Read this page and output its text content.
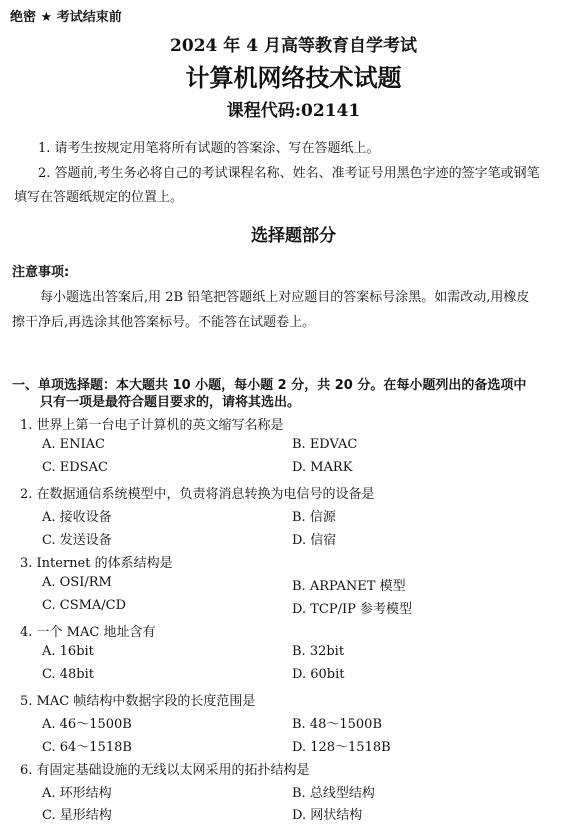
绝密 ★ 考试结束前
2024 年 4 月高等教育自学考试
计算机网络技术试题
课程代码:02141
1. 请考生按规定用笔将所有试题的答案涂、写在答题纸上。
2. 答题前,考生务必将自己的考试课程名称、姓名、准考证号用黑色字迹的签字笔或钢笔
填写在答题纸规定的位置上。
选择题部分
注意事项:
每小题选出答案后,用 2B 铅笔把答题纸上对应题目的答案标号涂黑。如需改动,用橡皮
擦干净后,再选涂其他答案标号。不能答在试题卷上。
一、单项选择题：本大题共 10 小题，每小题 2 分，共 20 分。在每小题列出的备选项中
只有一项是最符合题目要求的，请将其选出。
1. 世界上第一台电子计算机的英文缩写名称是
A. ENIAC	B. EDVAC
C. EDSAC	D. MARK
2. 在数据通信系统模型中，负责将消息转换为电信号的设备是
A. 接收设备	B. 信源
C. 发送设备	D. 信宿
3. Internet 的体系结构是
A. OSI/RM	B. ARPANET 模型
C. CSMA/CD	D. TCP/IP 参考模型
4. 一个 MAC 地址含有
A. 16bit	B. 32bit
C. 48bit	D. 60bit
5. MAC 帧结构中数据字段的长度范围是
A. 46～1500B	B. 48～1500B
C. 64～1518B	D. 128～1518B
6. 有固定基础设施的无线以太网采用的拓扑结构是
A. 环形结构	B. 总线型结构
C. 星形结构	D. 网状结构
